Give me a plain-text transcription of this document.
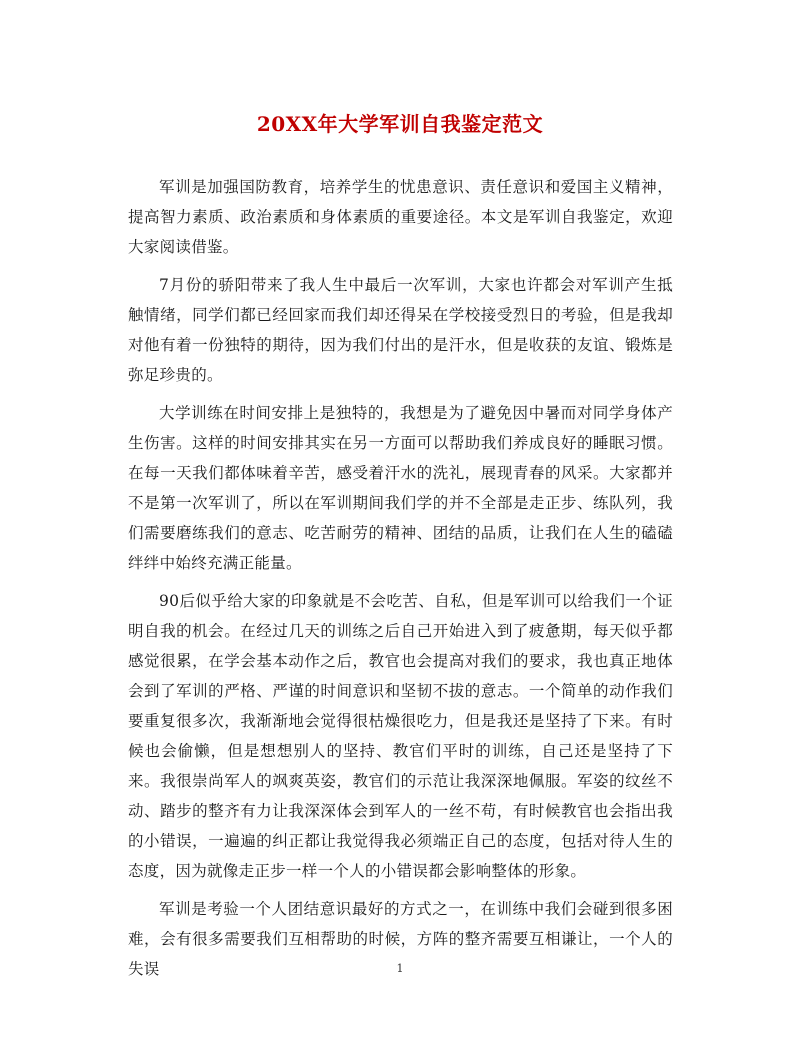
20XX年大学军训自我鉴定范文

军训是加强国防教育，培养学生的忧患意识、责任意识和爱国主义精神，提高智力素质、政治素质和身体素质的重要途径。本文是军训自我鉴定，欢迎大家阅读借鉴。

7月份的骄阳带来了我人生中最后一次军训，大家也许都会对军训产生抵触情绪，同学们都已经回家而我们却还得呆在学校接受烈日的考验，但是我却对他有着一份独特的期待，因为我们付出的是汗水，但是收获的友谊、锻炼是弥足珍贵的。

大学训练在时间安排上是独特的，我想是为了避免因中暑而对同学身体产生伤害。这样的时间安排其实在另一方面可以帮助我们养成良好的睡眠习惯。在每一天我们都体味着辛苦，感受着汗水的洗礼，展现青春的风采。大家都并不是第一次军训了，所以在军训期间我们学的并不全部是走正步、练队列，我们需要磨练我们的意志、吃苦耐劳的精神、团结的品质，让我们在人生的磕磕绊绊中始终充满正能量。

90后似乎给大家的印象就是不会吃苦、自私，但是军训可以给我们一个证明自我的机会。在经过几天的训练之后自己开始进入到了疲惫期，每天似乎都感觉很累，在学会基本动作之后，教官也会提高对我们的要求，我也真正地体会到了军训的严格、严谨的时间意识和坚韧不拔的意志。一个简单的动作我们要重复很多次，我渐渐地会觉得很枯燥很吃力，但是我还是坚持了下来。有时候也会偷懒，但是想想别人的坚持、教官们平时的训练，自己还是坚持了下来。我很崇尚军人的飒爽英姿，教官们的示范让我深深地佩服。军姿的纹丝不动、踏步的整齐有力让我深深体会到军人的一丝不苟，有时候教官也会指出我的小错误，一遍遍的纠正都让我觉得我必须端正自己的态度，包括对待人生的态度，因为就像走正步一样一个人的小错误都会影响整体的形象。

军训是考验一个人团结意识最好的方式之一，在训练中我们会碰到很多困难，会有很多需要我们互相帮助的时候，方阵的整齐需要互相谦让，一个人的失误	1
